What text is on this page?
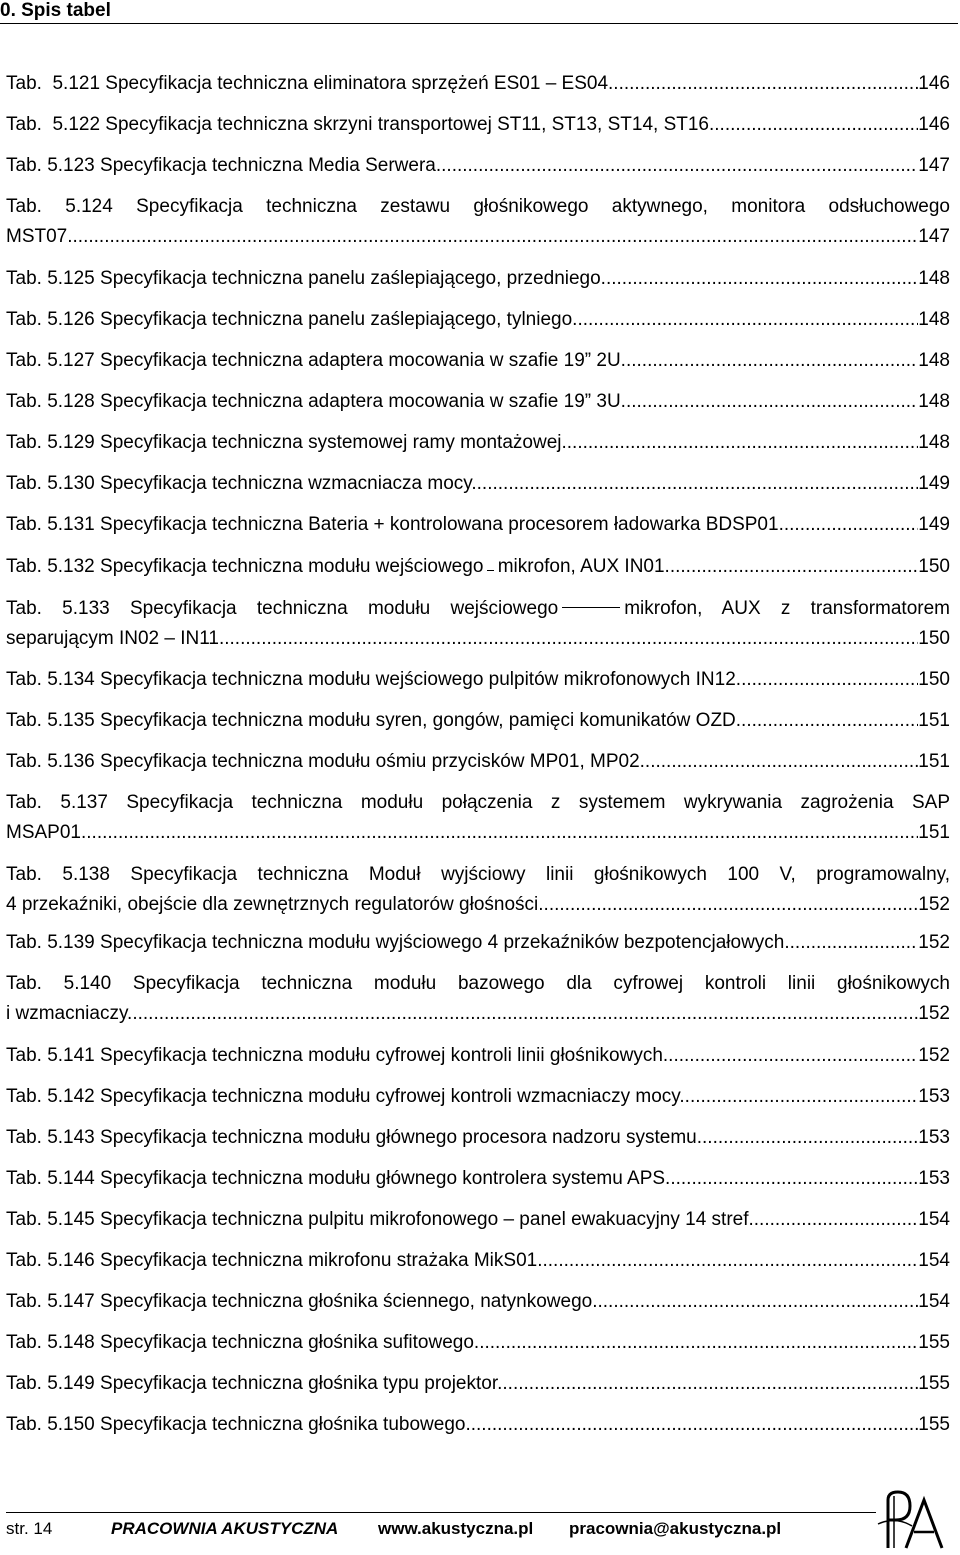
0. Spis tabel
Tab.  5.121 Specyfikacja techniczna eliminatora sprzężeń ES01 – ES04 .....	146
Tab.  5.122 Specyfikacja techniczna skrzyni transportowej ST11, ST13, ST14, ST16 .....	146
Tab. 5.123 Specyfikacja techniczna Media Serwera .....	147
Tab. 5.124 Specyfikacja techniczna zestawu głośnikowego aktywnego, monitora odsłuchowego
MST07 .....	147
Tab. 5.125 Specyfikacja techniczna panelu zaślepiającego, przedniego. .....	148
Tab. 5.126 Specyfikacja techniczna panelu zaślepiającego, tylniego. .....	148
Tab. 5.127 Specyfikacja techniczna adaptera mocowania w szafie 19” 2U. .....	148
Tab. 5.128 Specyfikacja techniczna adaptera mocowania w szafie 19” 3U. .....	148
Tab. 5.129 Specyfikacja techniczna systemowej ramy montażowej. .....	148
Tab. 5.130 Specyfikacja techniczna wzmacniacza mocy. .....	149
Tab. 5.131 Specyfikacja techniczna Bateria + kontrolowana procesorem ładowarka BDSP01. .....	149
Tab. 5.132 Specyfikacja techniczna modułu wejściowego mikrofon, AUX IN01. .....	150
Tab. 5.133 Specyfikacja techniczna modułu wejściowego	mikrofon, AUX z transformatorem
separującym IN02 – IN11. .....	150
Tab. 5.134 Specyfikacja techniczna modułu wejściowego pulpitów mikrofonowych IN12. .....	150
Tab. 5.135 Specyfikacja techniczna modułu syren, gongów, pamięci komunikatów OZD. .....	151
Tab. 5.136 Specyfikacja techniczna modułu ośmiu przycisków MP01, MP02. .....	151
Tab. 5.137 Specyfikacja techniczna modułu połączenia z systemem wykrywania zagrożenia SAP
MSAP01. .....	151
Tab. 5.138 Specyfikacja techniczna Moduł wyjściowy linii głośnikowych 100 V, programowalny,
4 przekaźniki, obejście dla zewnętrznych regulatorów głośności .....	152
Tab. 5.139 Specyfikacja techniczna modułu wyjściowego 4 przekaźników bezpotencjałowych. .....	152
Tab. 5.140 Specyfikacja techniczna modułu bazowego dla cyfrowej kontroli linii głośnikowych
i wzmacniaczy. .....	152
Tab. 5.141 Specyfikacja techniczna modułu cyfrowej kontroli linii głośnikowych. .....	152
Tab. 5.142 Specyfikacja techniczna modułu cyfrowej kontroli wzmacniaczy mocy. .....	153
Tab. 5.143 Specyfikacja techniczna modułu głównego procesora nadzoru systemu. .....	153
Tab. 5.144 Specyfikacja techniczna modułu głównego kontrolera systemu APS .....	153
Tab. 5.145 Specyfikacja techniczna pulpitu mikrofonowego – panel ewakuacyjny 14 stref. .....	154
Tab. 5.146 Specyfikacja techniczna mikrofonu strażaka MikS01. .....	154
Tab. 5.147 Specyfikacja techniczna głośnika ściennego, natynkowego. .....	154
Tab. 5.148 Specyfikacja techniczna głośnika sufitowego. .....	155
Tab. 5.149 Specyfikacja techniczna głośnika typu projektor. .....	155
Tab. 5.150 Specyfikacja techniczna głośnika tubowego. .....	155
str. 14	PRACOWNIA AKUSTYCZNA www.akustyczna.pl pracownia@akustyczna.pl
